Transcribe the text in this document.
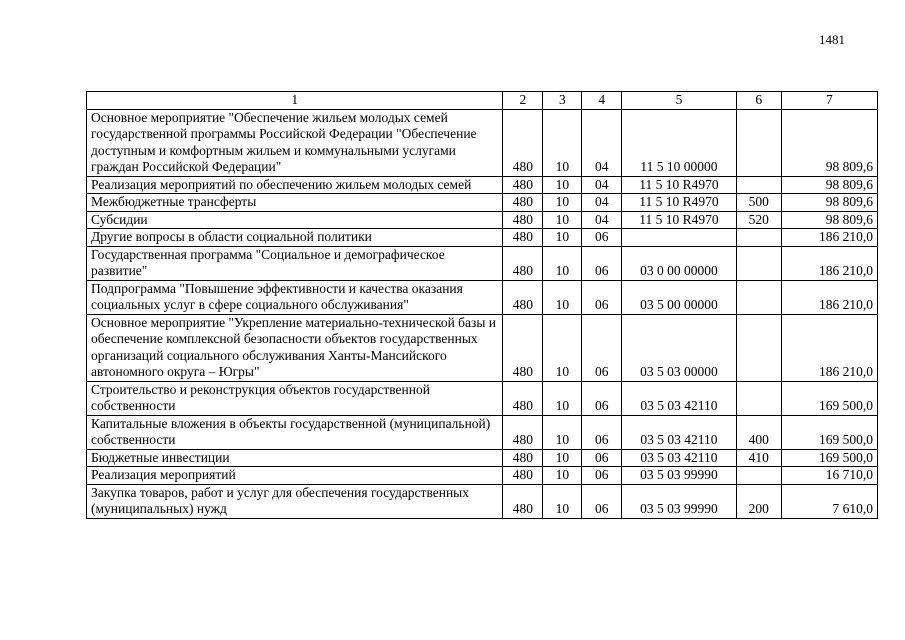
1481
1	2	3	4	5	6	7
Основное мероприятие "Обеспечение жильем молодых семей государственной программы Российской Федерации "Обеспечение доступным и комфортным жильем и коммунальными услугами граждан Российской Федерации"	480	10	04	11 5 10 00000		98 809,6
Реализация мероприятий по обеспечению жильем молодых семей	480	10	04	11 5 10 R4970		98 809,6
Межбюджетные трансферты	480	10	04	11 5 10 R4970	500	98 809,6
Субсидии	480	10	04	11 5 10 R4970	520	98 809,6
Другие вопросы в области социальной политики	480	10	06			186 210,0
Государственная программа "Социальное и демографическое развитие"	480	10	06	03 0 00 00000		186 210,0
Подпрограмма "Повышение эффективности и качества оказания социальных услуг в сфере социального обслуживания"	480	10	06	03 5 00 00000		186 210,0
Основное мероприятие "Укрепление материально-технической базы и обеспечение комплексной безопасности объектов государственных организаций социального обслуживания Ханты-Мансийского автономного округа – Югры"	480	10	06	03 5 03 00000		186 210,0
Строительство и реконструкция объектов государственной собственности	480	10	06	03 5 03 42110		169 500,0
Капитальные вложения в объекты государственной (муниципальной) собственности	480	10	06	03 5 03 42110	400	169 500,0
Бюджетные инвестиции	480	10	06	03 5 03 42110	410	169 500,0
Реализация мероприятий	480	10	06	03 5 03 99990		16 710,0
Закупка товаров, работ и услуг для обеспечения государственных (муниципальных) нужд	480	10	06	03 5 03 99990	200	7 610,0
